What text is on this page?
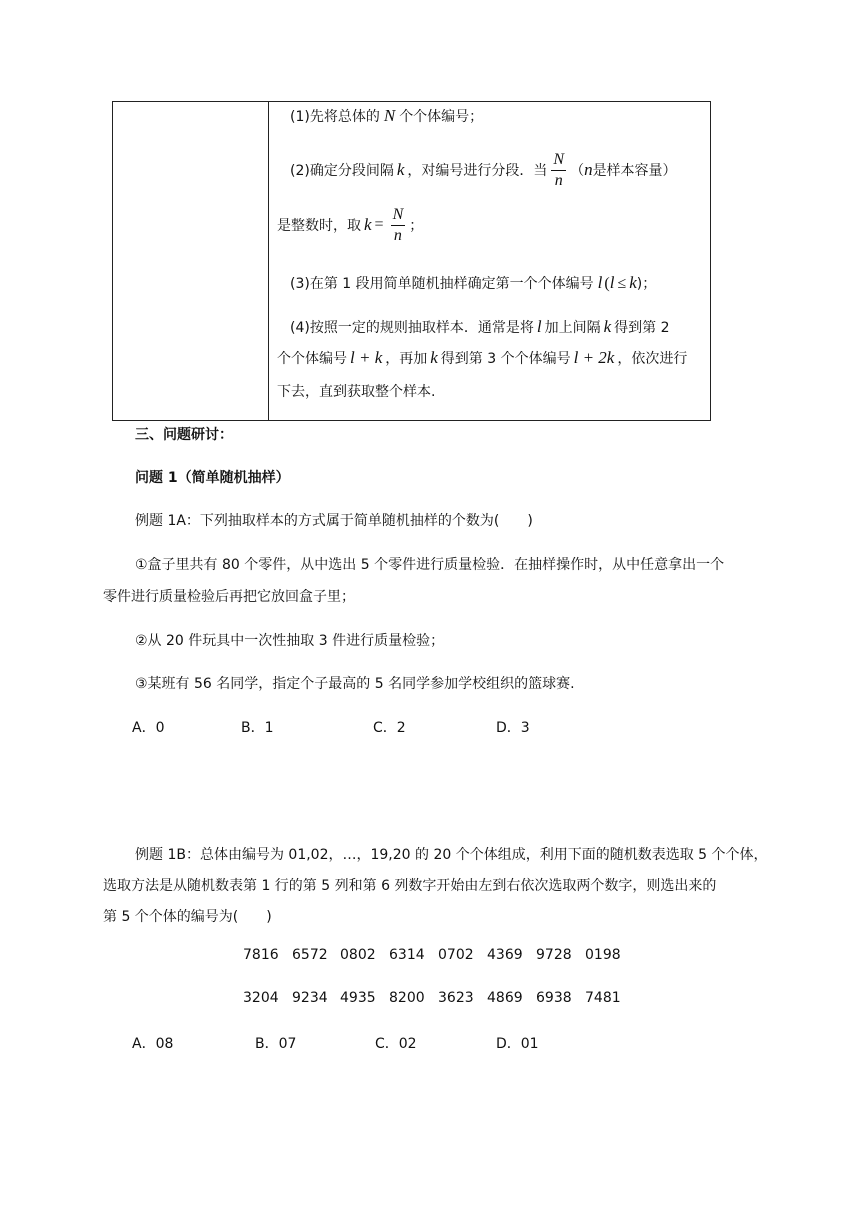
(1)先将总体的 N 个个体编号；
(2)确定分段间隔 k ，对编号进行分段．当 $\frac{N}{n}$ （ n 是样本容量）
是整数时，取 $k = \frac{N}{n}$ ；
(3)在第 1 段用简单随机抽样确定第一个个体编号 l (l ≤ k)；
(4)按照一定的规则抽取样本．通常是将 l 加上间隔 k 得到第 2
个个体编号 l + k ，再加 k 得到第 3 个个体编号 l + 2k ，依次进行
下去，直到获取整个样本.
三、问题研讨：
问题 1（简单随机抽样）
例题 1A：下列抽取样本的方式属于简单随机抽样的个数为(　　)
①盒子里共有 80 个零件，从中选出 5 个零件进行质量检验．在抽样操作时，从中任意拿出一个
零件进行质量检验后再把它放回盒子里；
②从 20 件玩具中一次性抽取 3 件进行质量检验；
③某班有 56 名同学，指定个子最高的 5 名同学参加学校组织的篮球赛.
A．0	B．1	C．2	D．3
例题 1B：总体由编号为 01,02，…，19,20 的 20 个个体组成，利用下面的随机数表选取 5 个个体，
选取方法是从随机数表第 1 行的第 5 列和第 6 列数字开始由左到右依次选取两个数字，则选出来的
第 5 个个体的编号为(　　)
7816 6572 0802 6314 0702 4369 9728 0198
3204 9234 4935 8200 3623 4869 6938 7481
A．08	B．07	C．02	D．01
